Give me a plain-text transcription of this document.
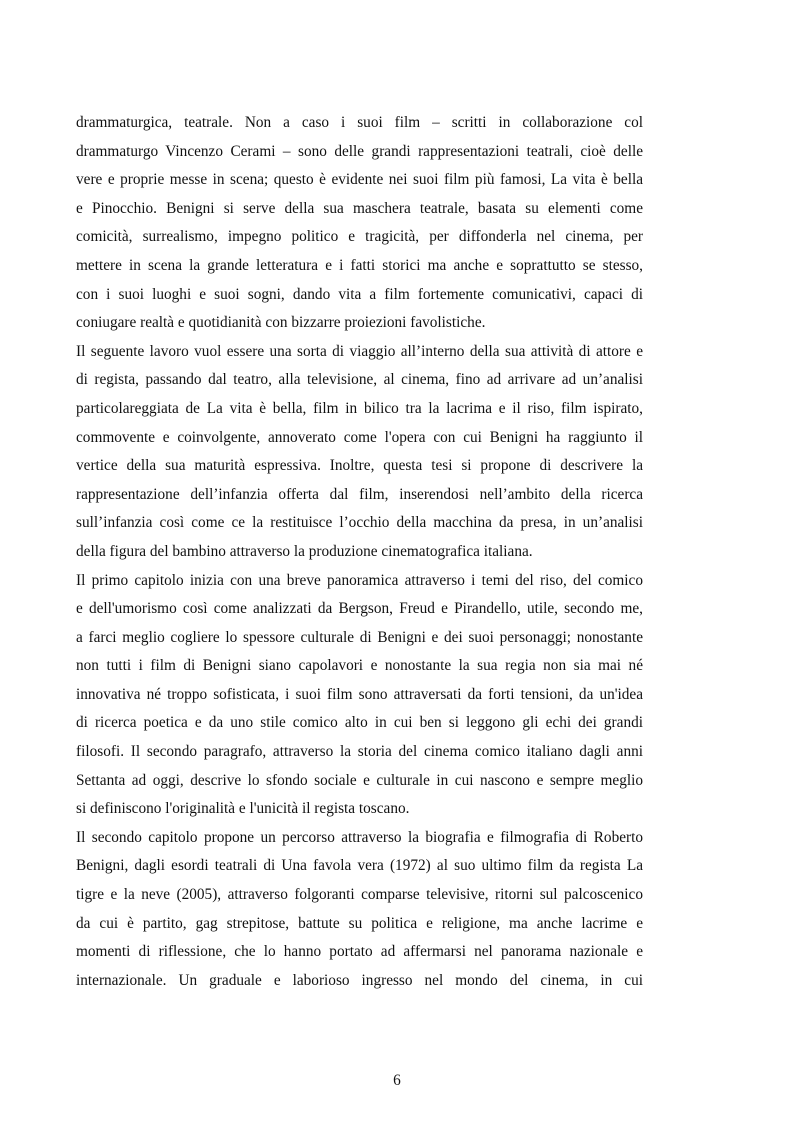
drammaturgica, teatrale. Non a caso i suoi film – scritti in collaborazione col
drammaturgo Vincenzo Cerami – sono delle grandi rappresentazioni teatrali, cioè delle
vere e proprie messe in scena; questo è evidente nei suoi film più famosi, La vita è bella
e Pinocchio. Benigni si serve della sua maschera teatrale, basata su elementi come
comicità, surrealismo, impegno politico e tragicità, per diffonderla nel cinema, per
mettere in scena la grande letteratura e i fatti storici ma anche e soprattutto se stesso,
con i suoi luoghi e suoi sogni, dando vita a film fortemente comunicativi, capaci di
coniugare realtà e quotidianità con bizzarre proiezioni favolistiche.
Il seguente lavoro vuol essere una sorta di viaggio all’interno della sua attività di attore e
di regista, passando dal teatro, alla televisione, al cinema, fino ad arrivare ad un’analisi
particolareggiata de La vita è bella, film in bilico tra la lacrima e il riso, film ispirato,
commovente e coinvolgente, annoverato come l'opera con cui Benigni ha raggiunto il
vertice della sua maturità espressiva. Inoltre, questa tesi si propone di descrivere la
rappresentazione dell’infanzia offerta dal film, inserendosi nell’ambito della ricerca
sull’infanzia così come ce la restituisce l’occhio della macchina da presa, in un’analisi
della figura del bambino attraverso la produzione cinematografica italiana.
Il primo capitolo inizia con una breve panoramica attraverso i temi del riso, del comico
e dell'umorismo così come analizzati da Bergson, Freud e Pirandello, utile, secondo me,
a farci meglio cogliere lo spessore culturale di Benigni e dei suoi personaggi; nonostante
non tutti i film di Benigni siano capolavori e nonostante la sua regia non sia mai né
innovativa né troppo sofisticata, i suoi film sono attraversati da forti tensioni, da un'idea
di ricerca poetica e da uno stile comico alto in cui ben si leggono gli echi dei grandi
filosofi. Il secondo paragrafo, attraverso la storia del cinema comico italiano dagli anni
Settanta ad oggi, descrive lo sfondo sociale e culturale in cui nascono e sempre meglio
si definiscono l'originalità e l'unicità il regista toscano.
Il secondo capitolo propone un percorso attraverso la biografia e filmografia di Roberto
Benigni, dagli esordi teatrali di Una favola vera (1972) al suo ultimo film da regista La
tigre e la neve (2005), attraverso folgoranti comparse televisive, ritorni sul palcoscenico
da cui è partito, gag strepitose, battute su politica e religione, ma anche lacrime e
momenti di riflessione, che lo hanno portato ad affermarsi nel panorama nazionale e
internazionale. Un graduale e laborioso ingresso nel mondo del cinema, in cui
6
